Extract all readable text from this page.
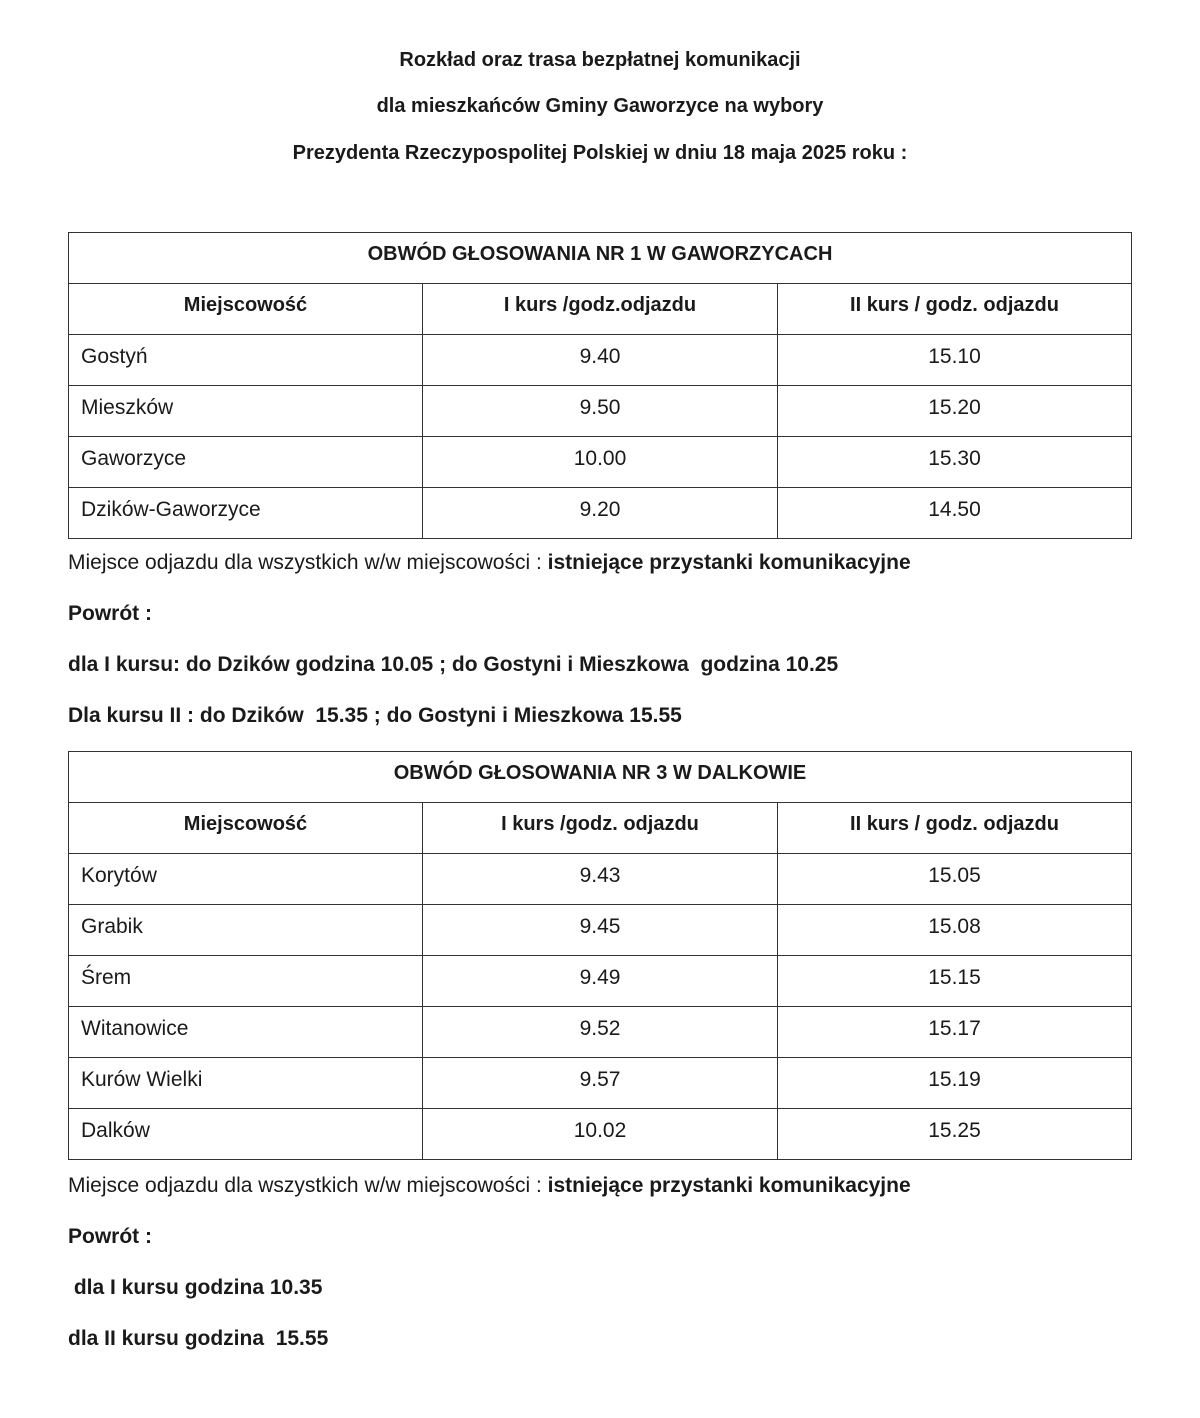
Rozkład oraz trasa bezpłatnej komunikacji
dla mieszkańców Gminy Gaworzyce na wybory
Prezydenta Rzeczypospolitej Polskiej w dniu 18 maja 2025 roku :
OBWÓD GŁOSOWANIA NR 1 W GAWORZYCACH		
Miejscowość	I kurs /godz.odjazdu	II kurs / godz. odjazdu
Gostyń	9.40	15.10
Mieszków	9.50	15.20
Gaworzyce	10.00	15.30
Dzików-Gaworzyce	9.20	14.50
Miejsce odjazdu dla wszystkich w/w miejscowości : istniejące przystanki komunikacyjne
Powrót :
dla I kursu: do Dzików godzina 10.05 ; do Gostyni i Mieszkowa  godzina 10.25
Dla kursu II : do Dzików  15.35 ; do Gostyni i Mieszkowa 15.55
OBWÓD GŁOSOWANIA NR 3 W DALKOWIE		
Miejscowość	I kurs /godz. odjazdu	II kurs / godz. odjazdu
Korytów	9.43	15.05
Grabik	9.45	15.08
Śrem	9.49	15.15
Witanowice	9.52	15.17
Kurów Wielki	9.57	15.19
Dalków	10.02	15.25
Miejsce odjazdu dla wszystkich w/w miejscowości : istniejące przystanki komunikacyjne
Powrót :
dla I kursu godzina 10.35
dla II kursu godzina  15.55
